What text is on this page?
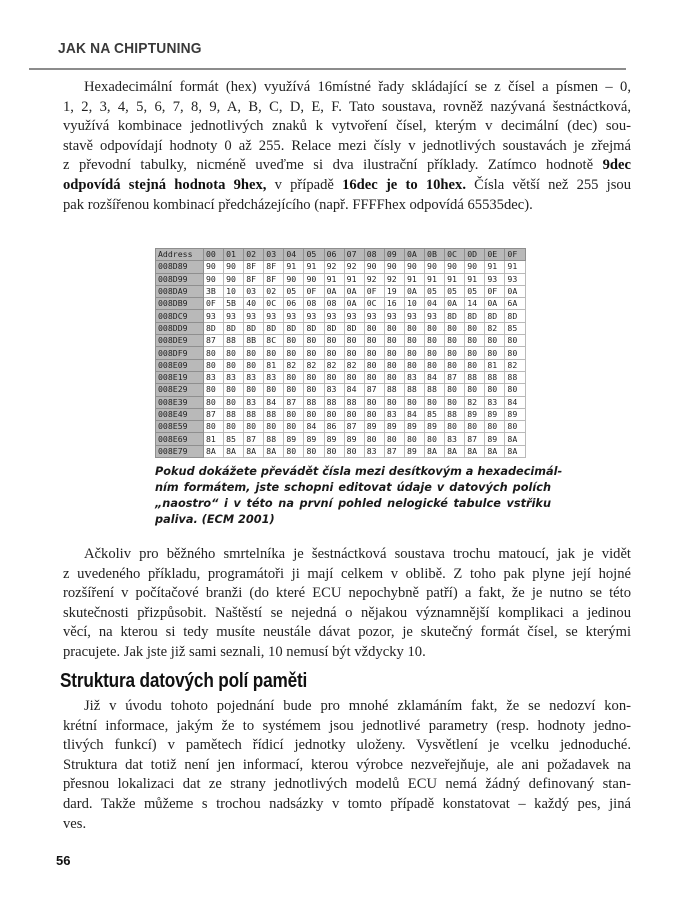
JAK NA CHIPTUNING
Hexadecimální formát (hex) využívá 16místné řady skládající se z čísel a písmen – 0,
1, 2, 3, 4, 5, 6, 7, 8, 9, A, B, C, D, E, F. Tato soustava, rovněž nazývaná šestnáctková,
využívá kombinace jednotlivých znaků k vytvoření čísel, kterým v decimální (dec) sou-
stavě odpovídají hodnoty 0 až 255. Relace mezi čísly v jednotlivých soustavách je zřejmá
z převodní tabulky, nicméně uveďme si dva ilustrační příklady. Zatímco hodnotě 9dec
odpovídá stejná hodnota 9hex, v případě 16dec je to 10hex. Čísla větší než 255 jsou
pak rozšířenou kombinací předcházejícího (např. FFFFhex odpovídá 65535dec).
Address	00	01	02	03	04	05	06	07	08	09	0A	0B	0C	0D	0E	0F
008D89	90	90	8F	8F	91	91	92	92	90	90	90	90	90	90	91	91
008D99	90	90	8F	8F	90	90	91	91	92	92	91	91	91	91	93	93
008DA9	3B	10	03	02	05	0F	0A	0A	0F	19	0A	05	05	05	0F	0A
008DB9	0F	5B	40	0C	06	08	08	0A	0C	16	10	04	0A	14	0A	6A
008DC9	93	93	93	93	93	93	93	93	93	93	93	93	8D	8D	8D	8D
008DD9	8D	8D	8D	8D	8D	8D	8D	8D	80	80	80	80	80	80	82	85
008DE9	87	88	8B	8C	80	80	80	80	80	80	80	80	80	80	80	80
008DF9	80	80	80	80	80	80	80	80	80	80	80	80	80	80	80	80
008E09	80	80	80	81	82	82	82	82	80	80	80	80	80	80	81	82
008E19	83	83	83	83	80	80	80	80	80	80	83	84	87	88	88	88
008E29	80	80	80	80	80	80	83	84	87	88	88	88	80	80	80	80
008E39	80	80	83	84	87	88	88	88	80	80	80	80	80	82	83	84
008E49	87	88	88	88	80	80	80	80	80	83	84	85	88	89	89	89
008E59	80	80	80	80	80	84	86	87	89	89	89	89	80	80	80	80
008E69	81	85	87	88	89	89	89	89	80	80	80	80	83	87	89	8A
008E79	8A	8A	8A	8A	80	80	80	80	83	87	89	8A	8A	8A	8A	8A
Pokud dokážete převádět čísla mezi desítkovým a hexadecimál-
ním formátem, jste schopni editovat údaje v datových polích
„naostro“ i v této na první pohled nelogické tabulce vstřiku
paliva. (ECM 2001)
Ačkoliv pro běžného smrtelníka je šestnáctková soustava trochu matoucí, jak je vidět
z uvedeného příkladu, programátoři ji mají celkem v oblibě. Z toho pak plyne její hojné
rozšíření v počítačové branži (do které ECU nepochybně patří) a fakt, že je nutno se této
skutečnosti přizpůsobit. Naštěstí se nejedná o nějakou významnější komplikaci a jedinou
věcí, na kterou si tedy musíte neustále dávat pozor, je skutečný formát čísel, se kterými
pracujete. Jak jste již sami seznali, 10 nemusí být vždycky 10.
Struktura datových polí paměti
Již v úvodu tohoto pojednání bude pro mnohé zklamáním fakt, že se nedozví kon-
krétní informace, jakým že to systémem jsou jednotlivé parametry (resp. hodnoty jedno-
tlivých funkcí) v pamětech řídicí jednotky uloženy. Vysvětlení je vcelku jednoduché.
Struktura dat totiž není jen informací, kterou výrobce nezveřejňuje, ale ani požadavek na
přesnou lokalizaci dat ze strany jednotlivých modelů ECU nemá žádný definovaný stan-
dard. Takže můžeme s trochou nadsázky v tomto případě konstatovat – každý pes, jiná
ves.
56
